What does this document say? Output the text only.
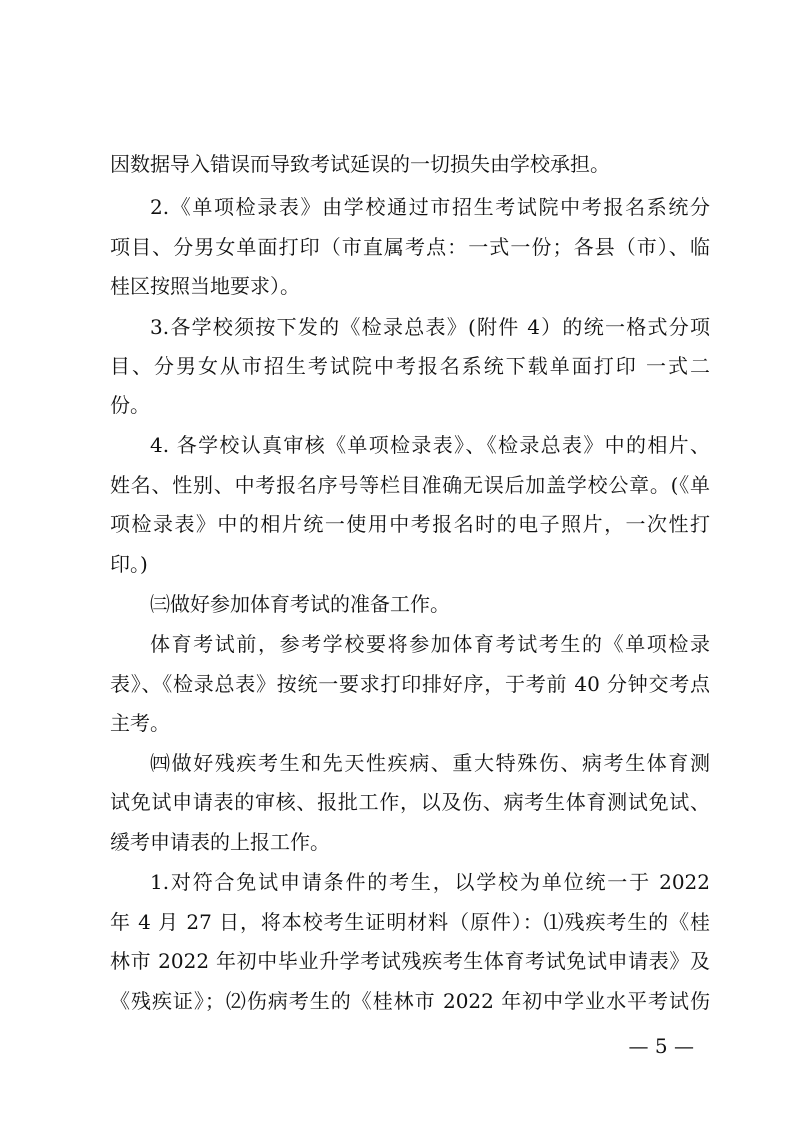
因数据导入错误而导致考试延误的一切损失由学校承担。
2.《单项检录表》由学校通过市招生考试院中考报名系统分
项目、分男女单面打印（市直属考点：一式一份；各县（市）、临
桂区按照当地要求）。
3.各学校须按下发的《检录总表》(附件 4）的统一格式分项
目、分男女从市招生考试院中考报名系统下载单面打印 一式二
份。
4. 各学校认真审核《单项检录表》、《检录总表》中的相片、
姓名、性别、中考报名序号等栏目准确无误后加盖学校公章。(《单
项检录表》中的相片统一使用中考报名时的电子照片，一次性打
印。)
㈢做好参加体育考试的准备工作。
体育考试前，参考学校要将参加体育考试考生的《单项检录
表》、《检录总表》按统一要求打印排好序，于考前 40 分钟交考点
主考。
㈣做好残疾考生和先天性疾病、重大特殊伤、病考生体育测
试免试申请表的审核、报批工作，以及伤、病考生体育测试免试、
缓考申请表的上报工作。
1.对符合免试申请条件的考生，以学校为单位统一于 2022
年 4 月 27 日，将本校考生证明材料（原件）：⑴残疾考生的《桂
林市 2022 年初中毕业升学考试残疾考生体育考试免试申请表》及
《残疾证》；⑵伤病考生的《桂林市 2022 年初中学业水平考试伤
— 5 —
